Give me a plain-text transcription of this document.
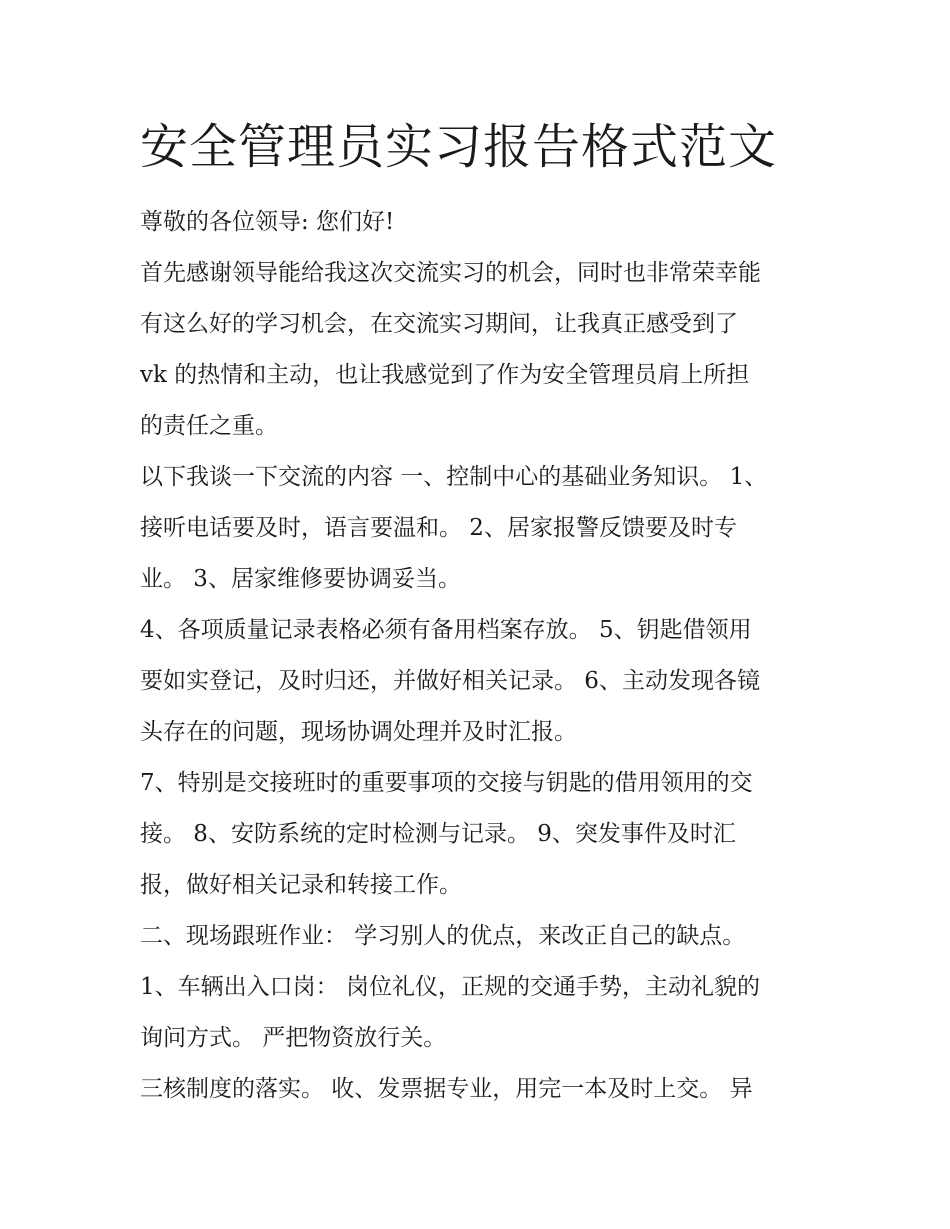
安全管理员实习报告格式范文
尊敬的各位领导: 您们好!
首先感谢领导能给我这次交流实习的机会，同时也非常荣幸能
有这么好的学习机会，在交流实习期间，让我真正感受到了
vk 的热情和主动，也让我感觉到了作为安全管理员肩上所担
的责任之重。
以下我谈一下交流的内容 一、控制中心的基础业务知识。 1、
接听电话要及时，语言要温和。 2、居家报警反馈要及时专
业。 3、居家维修要协调妥当。
4、各项质量记录表格必须有备用档案存放。 5、钥匙借领用
要如实登记，及时归还，并做好相关记录。 6、主动发现各镜
头存在的问题，现场协调处理并及时汇报。
7、特别是交接班时的重要事项的交接与钥匙的借用领用的交
接。 8、安防系统的定时检测与记录。 9、突发事件及时汇
报，做好相关记录和转接工作。
二、现场跟班作业： 学习别人的优点，来改正自己的缺点。
1、车辆出入口岗： 岗位礼仪，正规的交通手势，主动礼貌的
询问方式。 严把物资放行关。
三核制度的落实。 收、发票据专业，用完一本及时上交。 异
